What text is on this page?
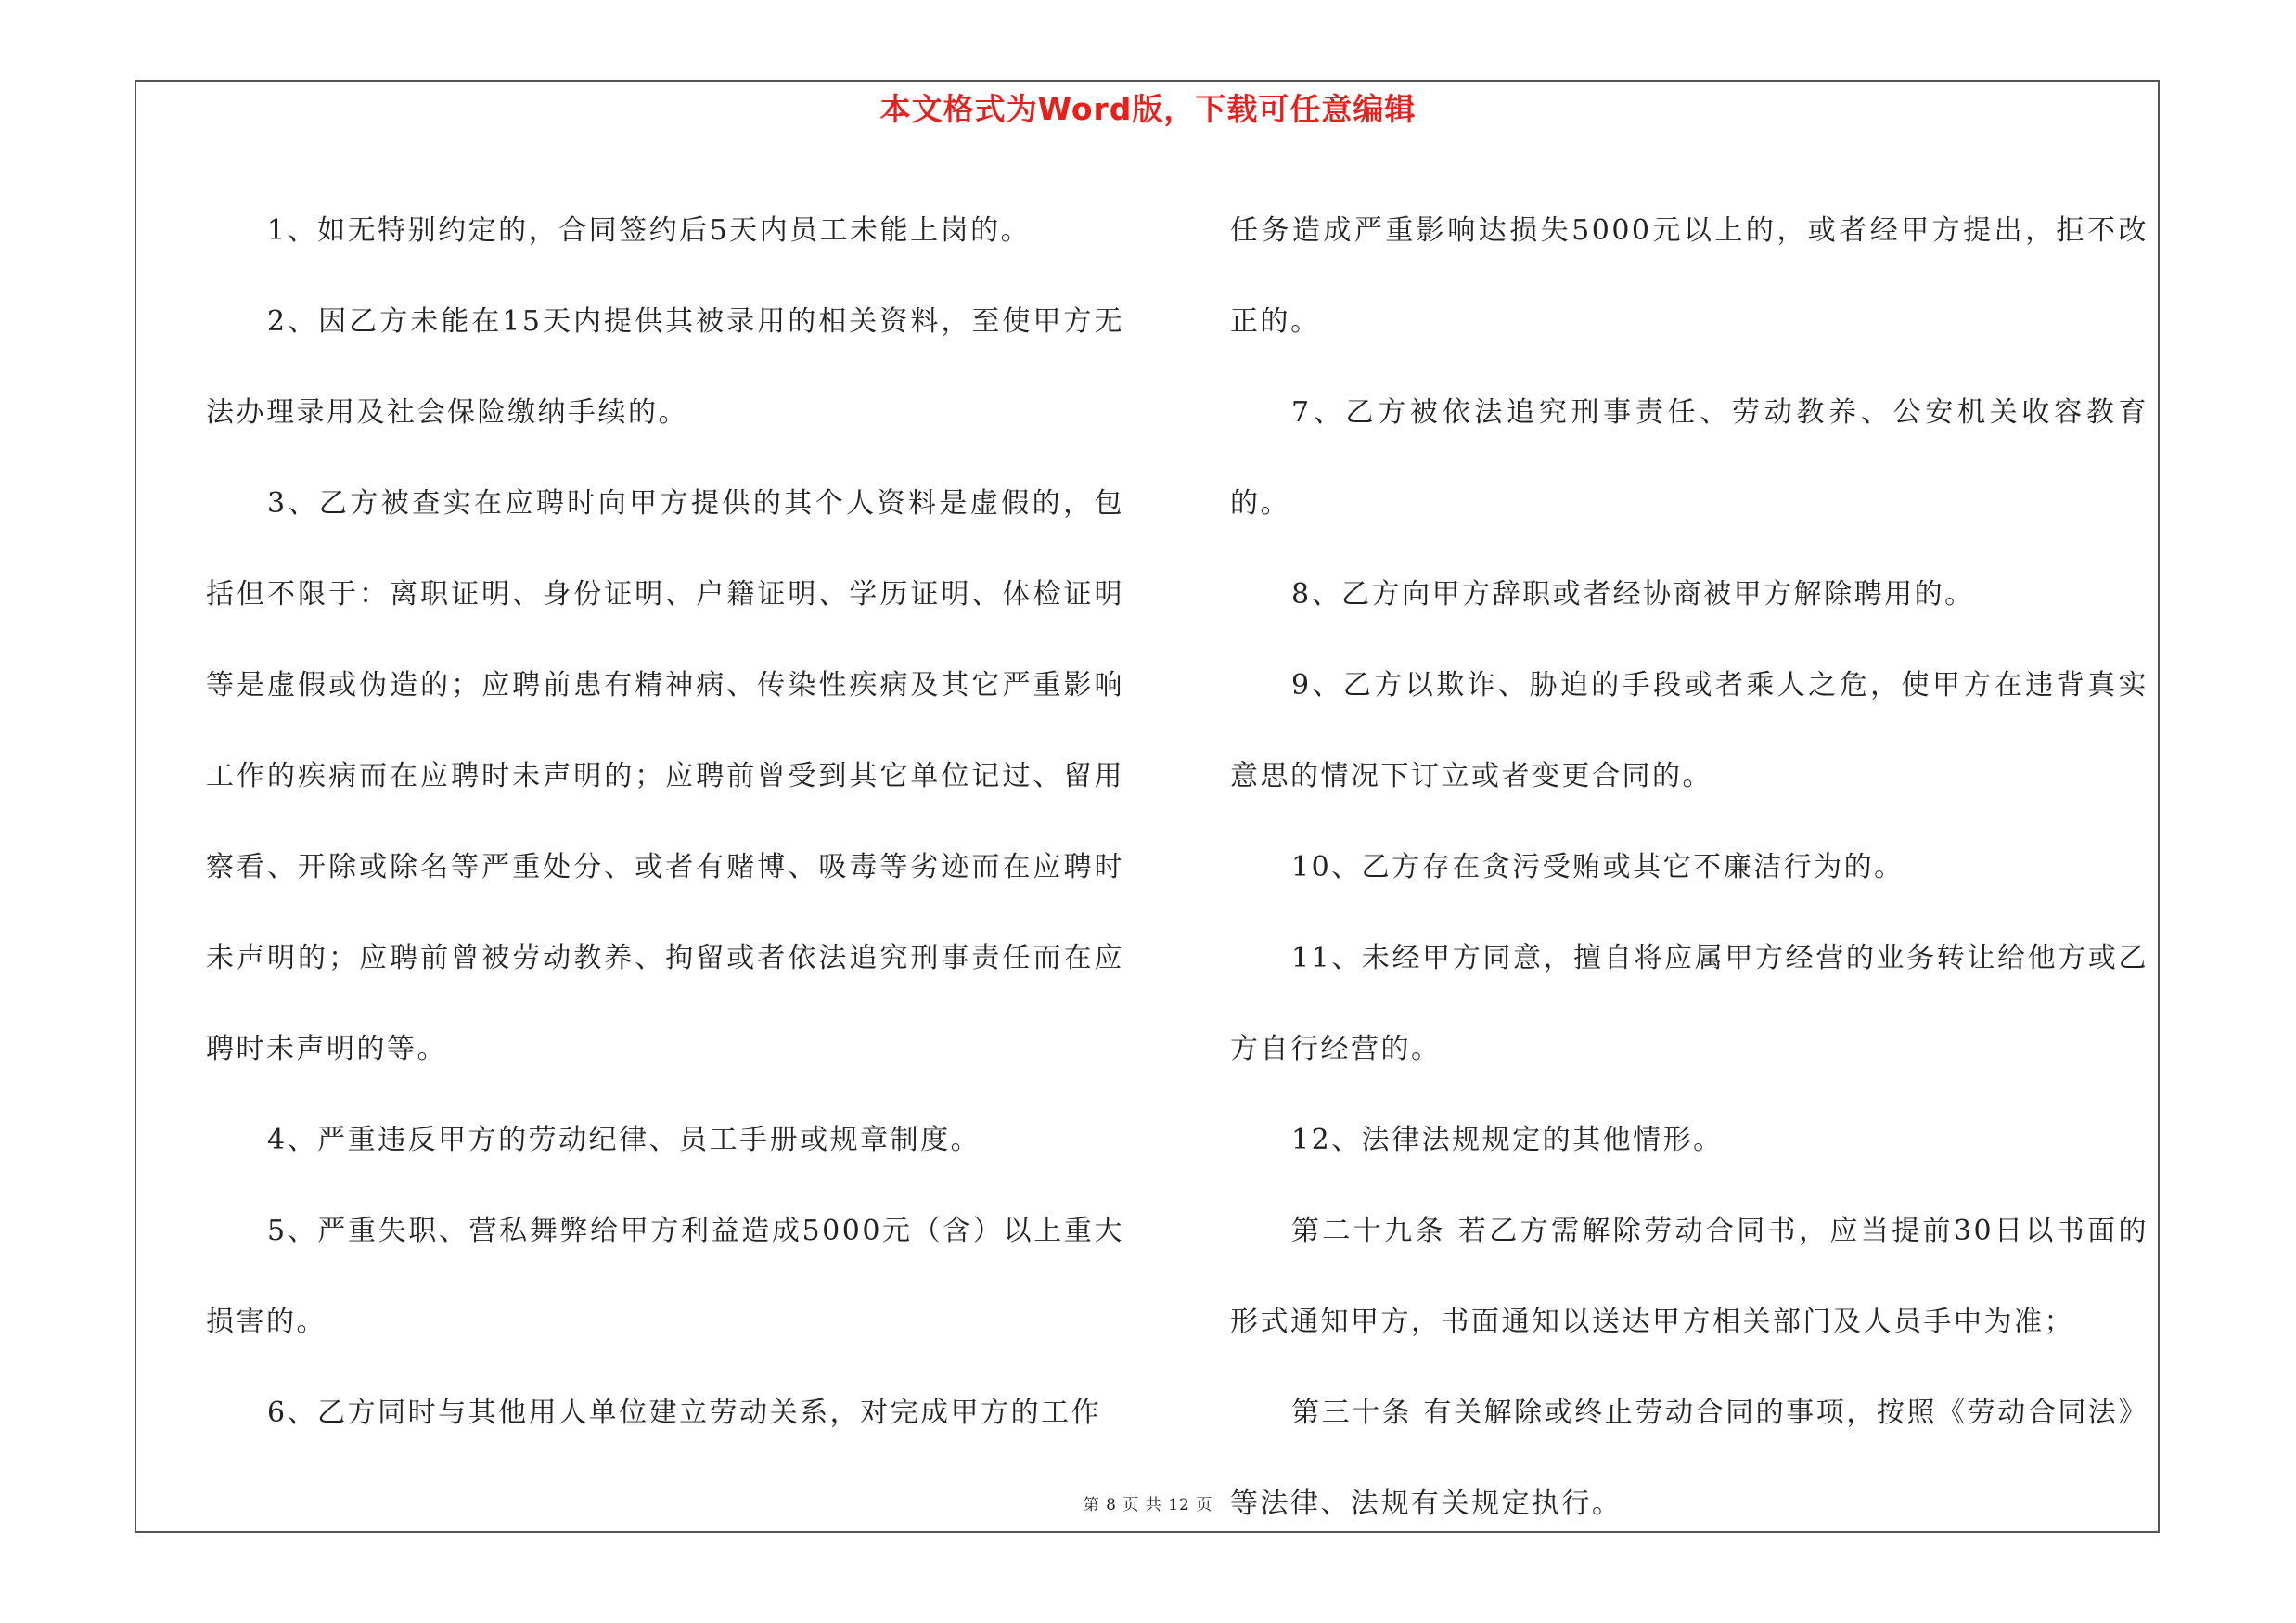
本文格式为Word版，下载可任意编辑

1、如无特别约定的，合同签约后5天内员工未能上岗的。

2、因乙方未能在15天内提供其被录用的相关资料，至使甲方无法办理录用及社会保险缴纳手续的。

3、乙方被查实在应聘时向甲方提供的其个人资料是虚假的，包括但不限于：离职证明、身份证明、户籍证明、学历证明、体检证明等是虚假或伪造的；应聘前患有精神病、传染性疾病及其它严重影响工作的疾病而在应聘时未声明的；应聘前曾受到其它单位记过、留用察看、开除或除名等严重处分、或者有赌博、吸毒等劣迹而在应聘时未声明的；应聘前曾被劳动教养、拘留或者依法追究刑事责任而在应聘时未声明的等。

4、严重违反甲方的劳动纪律、员工手册或规章制度。

5、严重失职、营私舞弊给甲方利益造成5000元（含）以上重大损害的。

6、乙方同时与其他用人单位建立劳动关系，对完成甲方的工作

任务造成严重影响达损失5000元以上的，或者经甲方提出，拒不改正的。

7、乙方被依法追究刑事责任、劳动教养、公安机关收容教育的。

8、乙方向甲方辞职或者经协商被甲方解除聘用的。

9、乙方以欺诈、胁迫的手段或者乘人之危，使甲方在违背真实意思的情况下订立或者变更合同的。

10、乙方存在贪污受贿或其它不廉洁行为的。

11、未经甲方同意，擅自将应属甲方经营的业务转让给他方或乙方自行经营的。

12、法律法规规定的其他情形。

第二十九条 若乙方需解除劳动合同书，应当提前30日以书面的形式通知甲方，书面通知以送达甲方相关部门及人员手中为准；

第三十条 有关解除或终止劳动合同的事项，按照《劳动合同法》等法律、法规有关规定执行。

第 8 页 共 12 页
